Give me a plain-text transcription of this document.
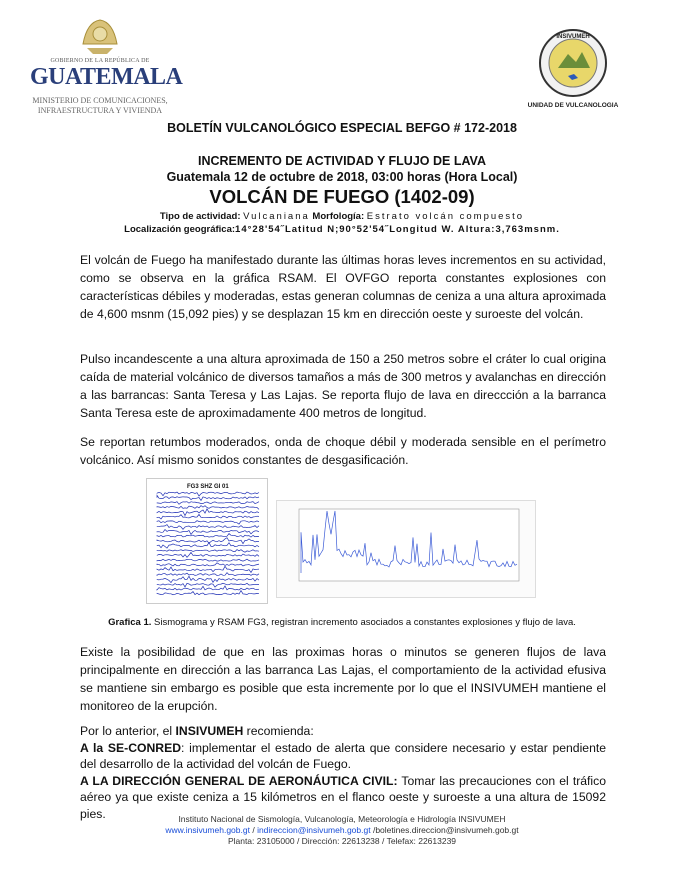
GOBIERNO DE LA REPÚBLICA DE
GUATEMALA
MINISTERIO DE COMUNICACIONES,
INFRAESTRUCTURA Y VIVIENDA
INSIVUMEH
UNIDAD DE VULCANOLOGIA
BOLETÍN VULCANOLÓGICO ESPECIAL BEFGO # 172-2018
INCREMENTO DE ACTIVIDAD Y FLUJO DE LAVA
Guatemala 12 de octubre de 2018, 03:00 horas (Hora Local)
VOLCÁN DE FUEGO (1402-09)
Tipo de actividad: Vulcaniana Morfología: Estrato volcán compuesto
Localización geográfica:14°28'54˝Latitud N;90°52'54˝Longitud W. Altura:3,763msnm.
El volcán de Fuego ha manifestado durante las últimas horas leves incrementos en su actividad, como se observa en la gráfica RSAM. El OVFGO reporta constantes explosiones con características débiles y moderadas, estas generan columnas de ceniza a una altura aproximada de 4,600 msnm (15,092 pies) y se desplazan 15 km en dirección oeste y suroeste del volcán.
Pulso incandescente a una altura aproximada de 150 a 250 metros sobre el cráter lo cual origina caída de material volcánico de diversos tamaños a más de 300 metros y avalanchas en dirección a las barrancas: Santa Teresa y Las Lajas. Se reporta flujo de lava en direccción a la barranca Santa Teresa este de aproximadamente 400 metros de longitud.
Se reportan retumbos moderados, onda de choque débil y moderada sensible en el perímetro volcánico. Así mismo sonidos constantes de desgasificación.
FG3 SHZ GI 01
Grafica 1. Sismograma y RSAM FG3, registran incremento asociados a constantes explosiones y flujo de lava.
Existe la posibilidad de que en las proximas horas o minutos se generen flujos de lava principalmente en dirección a las barranca Las Lajas, el comportamiento de la actividad efusiva se mantiene sin embargo es posible que esta incremente por lo que el INSIVUMEH mantiene el monitoreo de la erupción.
Por lo anterior, el INSIVUMEH recomienda:
A la SE-CONRED: implementar el estado de alerta que considere necesario y estar pendiente del desarrollo de la actividad del volcán de Fuego.
A LA DIRECCIÓN GENERAL DE AERONÁUTICA CIVIL: Tomar las precauciones con el tráfico aéreo ya que existe ceniza a 15 kilómetros en el flanco oeste y suroeste a una altura de 15092 pies.	Instituto Nacional de Sismología, Vulcanología, Meteorología e Hidrología INSIVUMEH
www.insivumeh.gob.gt / indireccion@insivumeh.gob.gt /boletines.direccion@insivumeh.gob.gt
Planta: 23105000 / Dirección: 22613238 / Telefax: 22613239
